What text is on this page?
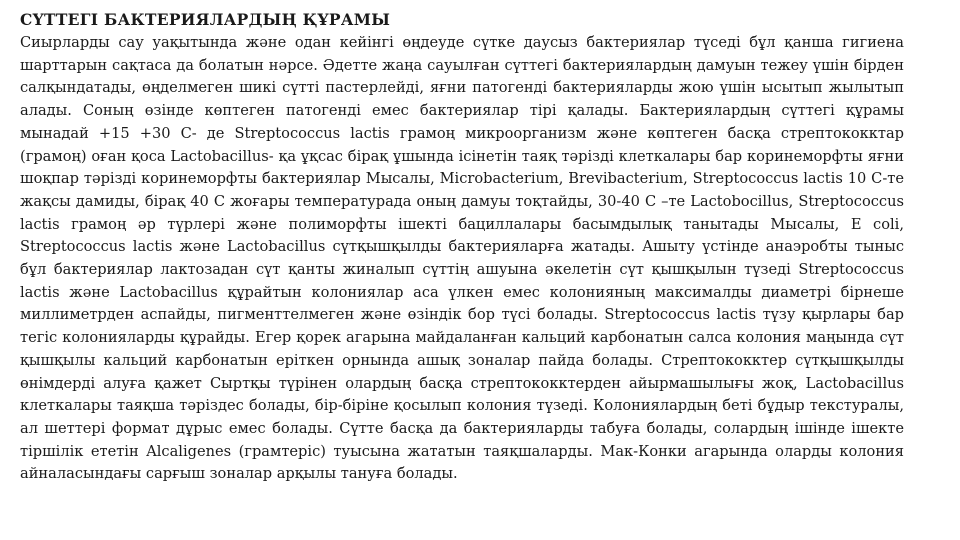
СҮТТЕГІ БАКТЕРИЯЛАРДЫҢ ҚҰРАМЫ

Сиырларды сау уақытында және одан кейінгі өңдеуде сүтке даусыз бактериялар түседі бұл қанша гигиена шарттарын сақтаса да болатын нәрсе. Әдетте жаңа сауылған сүттегі бактериялардың дамуын тежеу үшін бірден салқындатады, өңделмеген шикі сүтті пастерлейді, яғни патогенді бактерияларды жою үшін ысытып жылытып алады. Соның өзінде көптеген патогенді емес бактериялар тірі қалады. Бактериялардың сүттегі құрамы мынадай +15 +30 С- де Streptococcus lactis грамоң микроорганизм және көптеген басқа стрептококктар (грамоң) оған қоса Lactobacillus- қа ұқсас бірақ ұшында ісінетін таяқ тәрізді клеткалары бар коринеморфты яғни шоқпар тәрізді коринеморфты бактериялар Мысалы, Microbacterium, Brevibacterium, Streptococcus lactis 10 С-те жақсы дамиды, бірақ 40 С жоғары температурада оның дамуы тоқтайды, 30-40 С –те Lactobocillus, Streptococcus lactis грамоң әр түрлері және полиморфты ішекті бациллалары басымдылық танытады Мысалы, E coli, Streptococcus lactis және Lactobacillus сүтқышқылды бактерияларға жатады. Ашыту үстінде анаэробты тыныс бұл бактериялар лактозадан сүт қанты жиналып сүттің ашуына әкелетін сүт қышқылын түзеді Streptococcus lactis және Lactobacillus құрайтын колониялар аса үлкен емес колонияның максималды диаметрі бірнеше миллиметрден аспайды, пигменттелмеген және өзіндік бор түсі болады. Streptococcus lactis түзу қырлары бар тегіс колонияларды құрайды. Егер қорек агарына майдаланған кальций карбонатын салса колония маңында сүт қышқылы кальций карбонатын еріткен орнында ашық зоналар пайда болады. Стрептококктер сүтқышқылды өнімдерді алуға қажет Сыртқы түрінен олардың басқа стрептококктерден айырмашылығы жоқ, Lactobacillus клеткалары таяқша тәріздес болады, бір-біріне қосылып колония түзеді. Колониялардың беті бұдыр текстуралы, ал шеттері формат дұрыс емес болады. Сүтте басқа да бактерияларды табуға болады, солардың ішінде ішекте тіршілік ететін Alcaligenes (грамтеріс) туысына жататын таяқшаларды. Мак-Конки агарында оларды колония айналасындағы сарғыш зоналар арқылы тануға болады.
